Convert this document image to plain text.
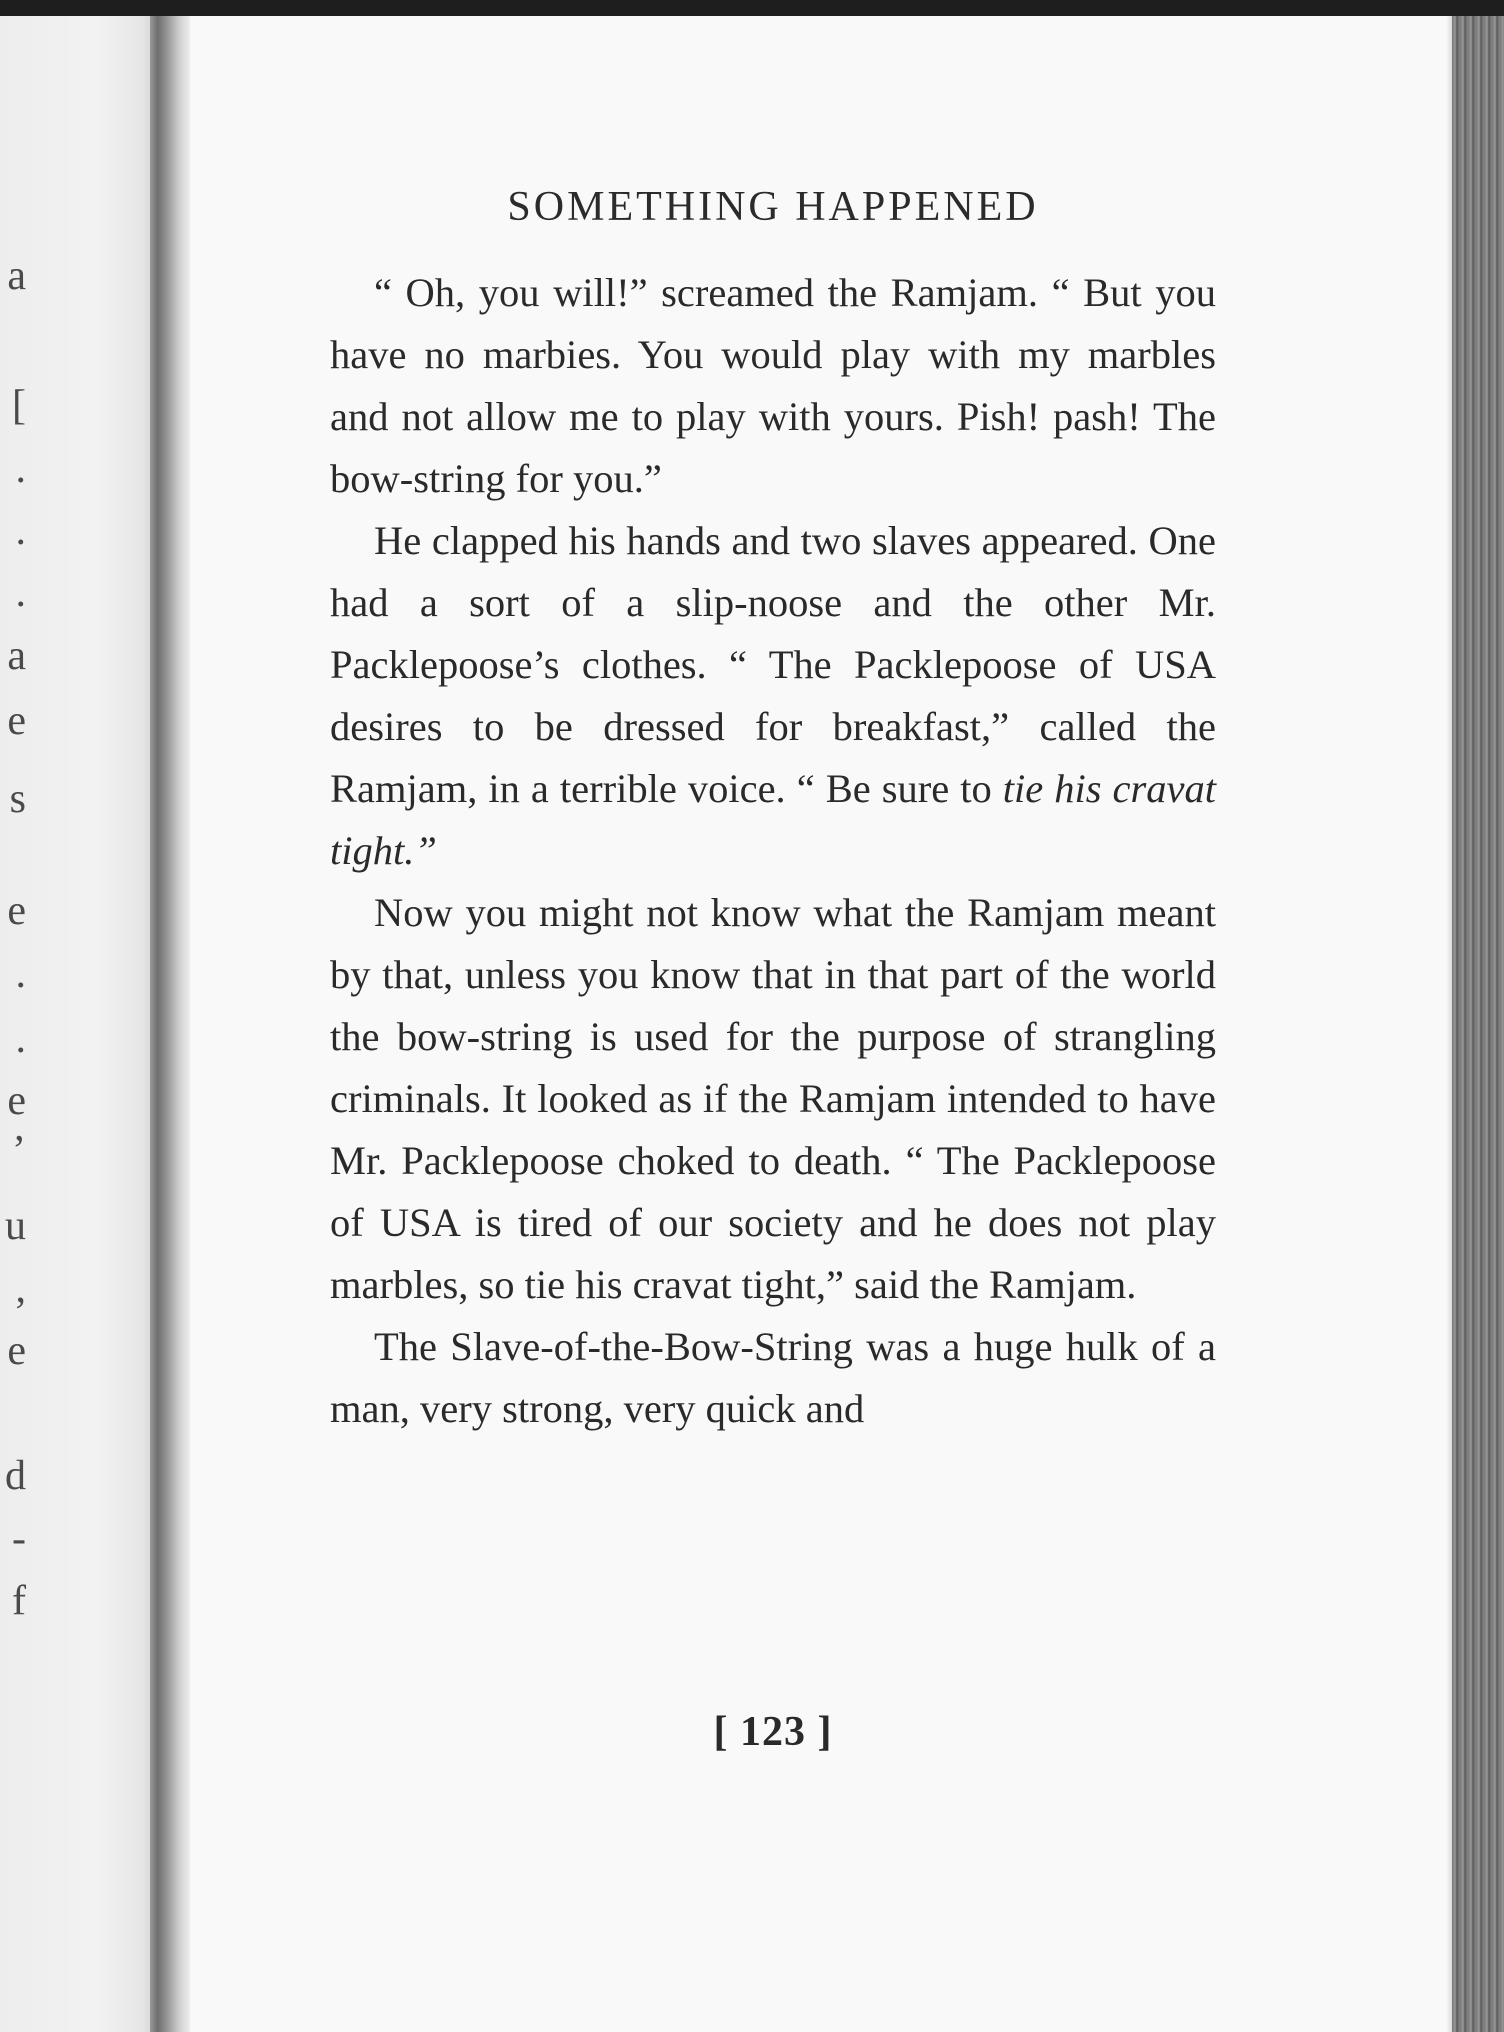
a
[
.
.
.
a
e
s
e
.
.
e
’
u
,
e
d
-
f
SOMETHING HAPPENED

“ Oh, you will!” screamed the Ramjam. “ But you have no marbies. You would play with my marbles and not allow me to play with yours. Pish! pash! The bow-string for you.”

He clapped his hands and two slaves appeared. One had a sort of a slip-noose and the other Mr. Packlepoose’s clothes. “ The Packlepoose of USA desires to be dressed for breakfast,” called the Ramjam, in a terrible voice. “ Be sure to tie his cravat tight.”

Now you might not know what the Ramjam meant by that, unless you know that in that part of the world the bow-string is used for the purpose of strangling criminals. It looked as if the Ramjam intended to have Mr. Packlepoose choked to death. “ The Packlepoose of USA is tired of our society and he does not play marbles, so tie his cravat tight,” said the Ramjam.

The Slave-of-the-Bow-String was a huge hulk of a man, very strong, very quick and

[ 123 ]
